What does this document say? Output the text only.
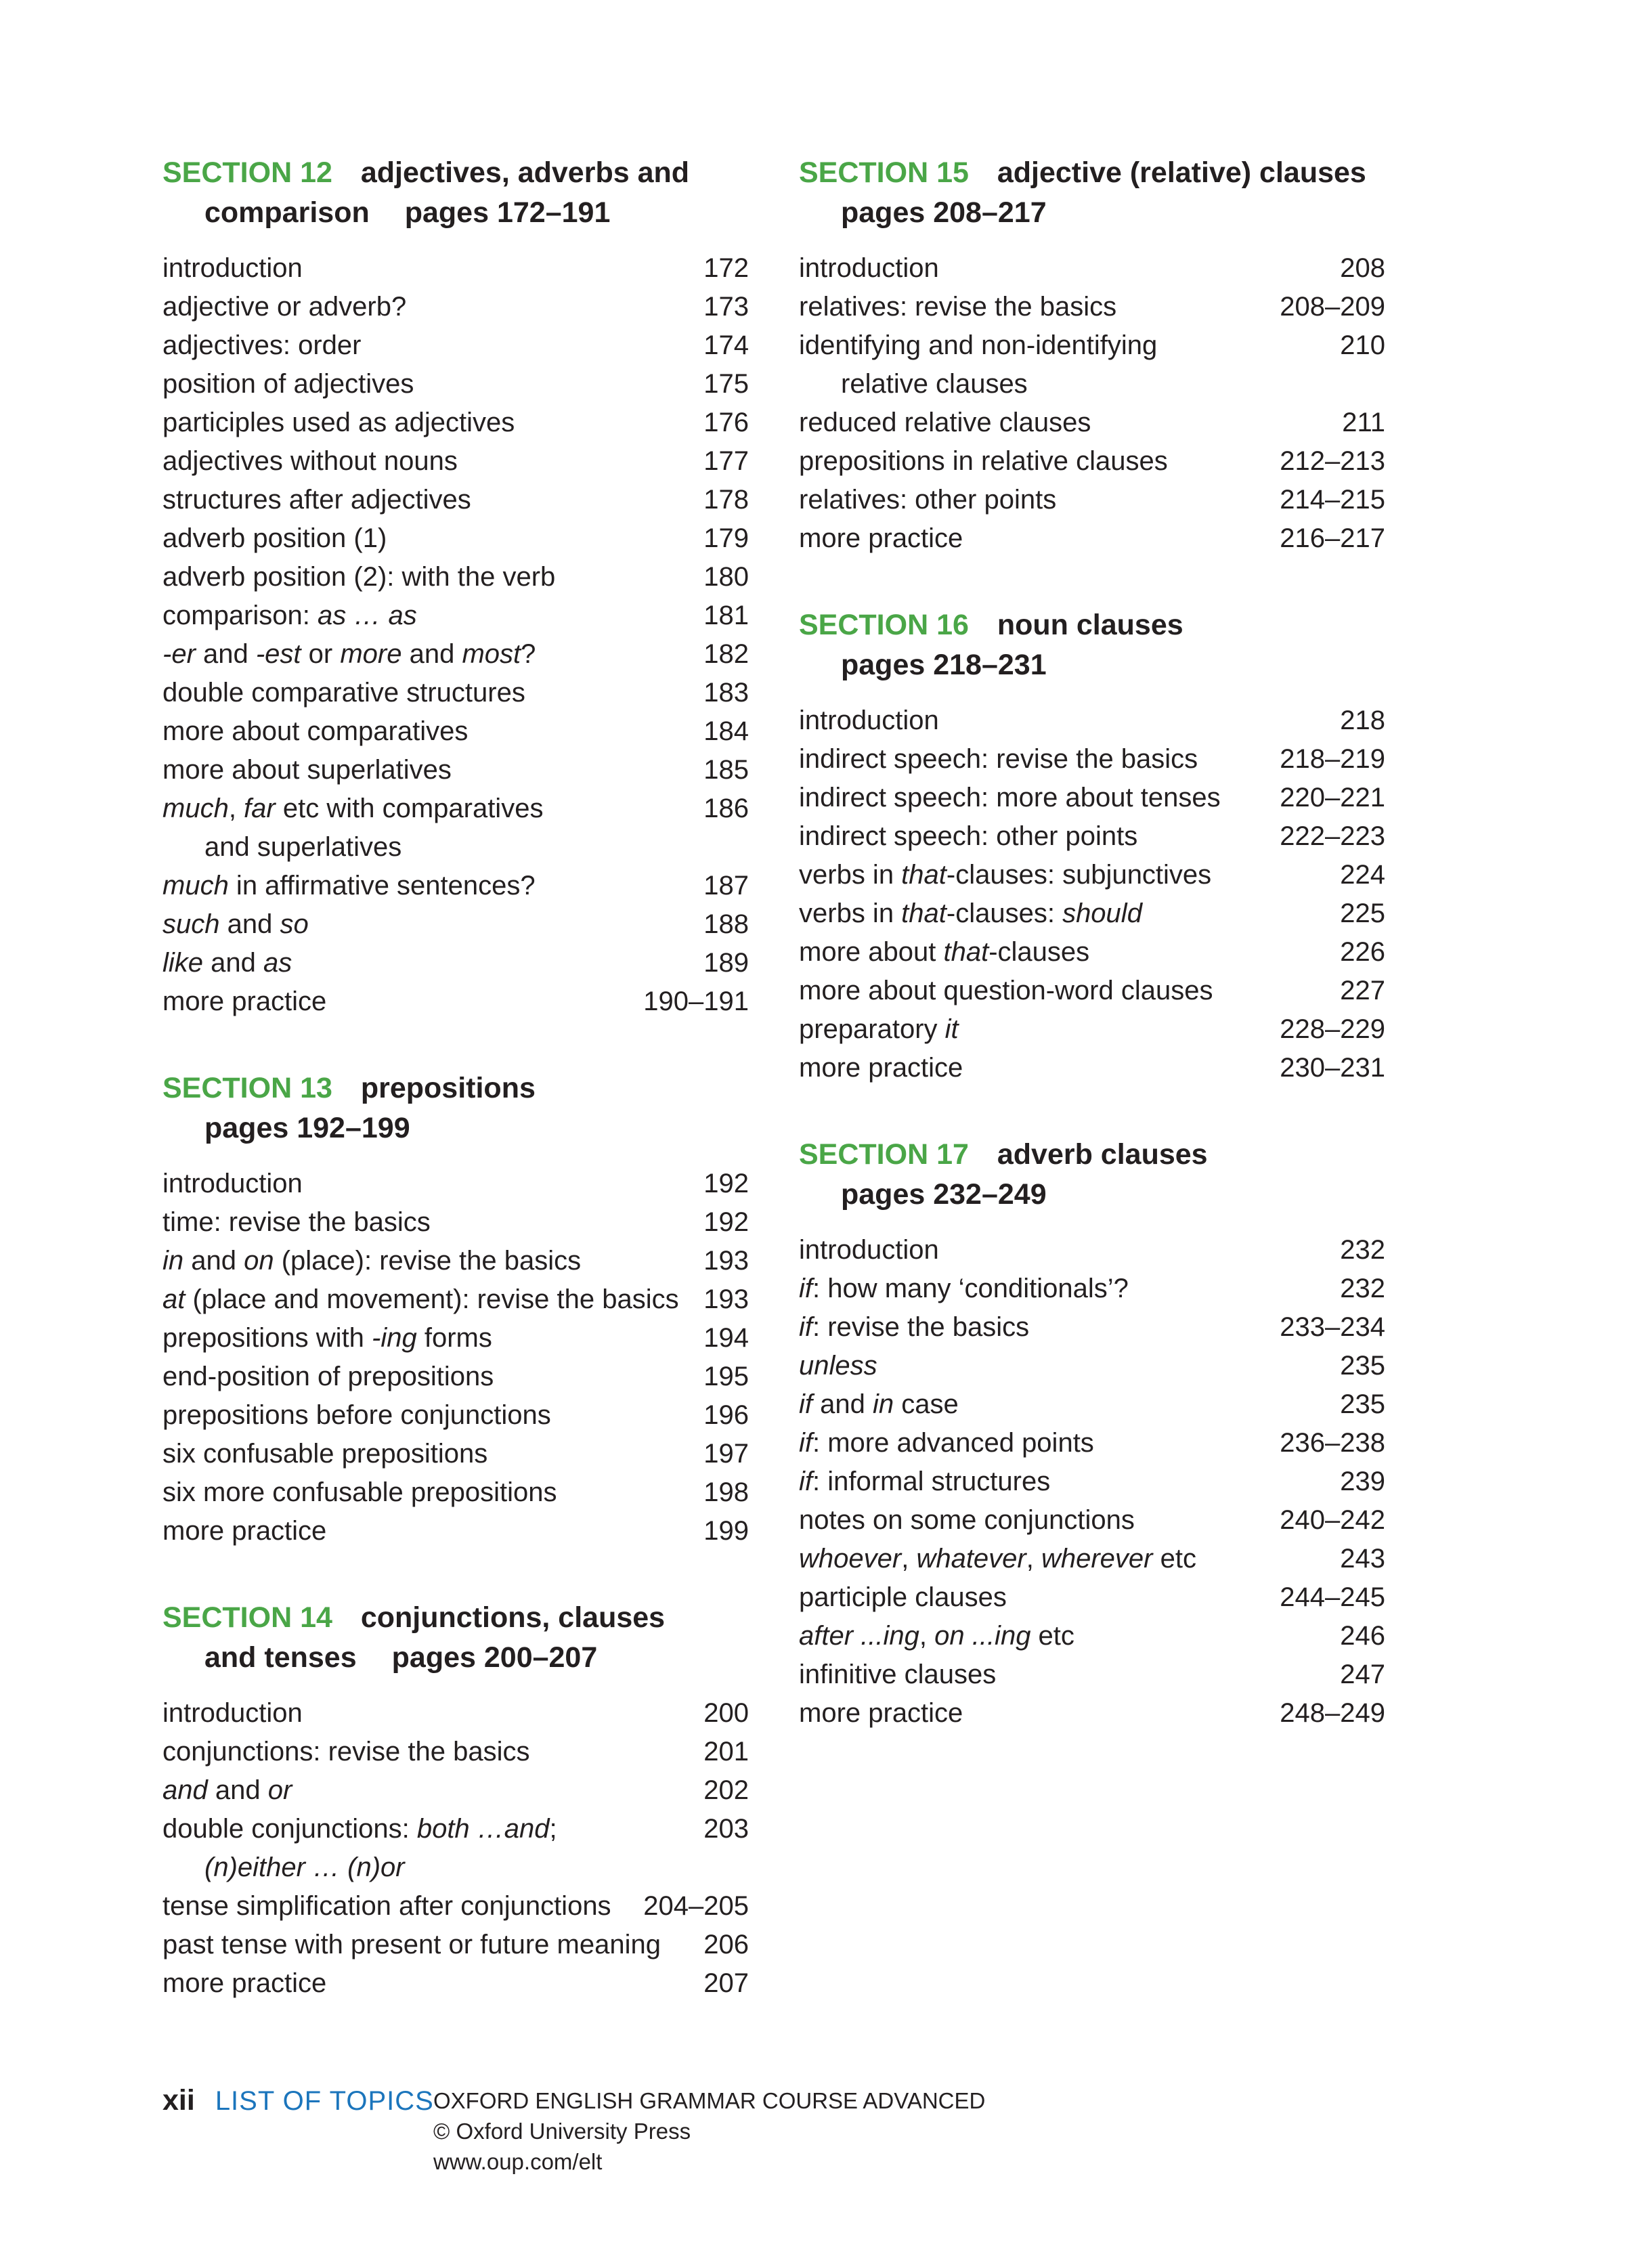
SECTION 12 adjectives, adverbs and
comparison pages 172–191
introduction	172
adjective or adverb?	173
adjectives: order	174
position of adjectives	175
participles used as adjectives	176
adjectives without nouns	177
structures after adjectives	178
adverb position (1)	179
adverb position (2): with the verb	180
comparison: as … as	181
-er and -est or more and most?	182
double comparative structures	183
more about comparatives	184
more about superlatives	185
much, far etc with comparatives	186
and superlatives
much in affirmative sentences?	187
such and so	188
like and as	189
more practice	190–191
SECTION 13 prepositions
pages 192–199
introduction	192
time: revise the basics	192
in and on (place): revise the basics	193
at (place and movement): revise the basics 193
prepositions with -ing forms	194
end-position of prepositions	195
prepositions before conjunctions	196
six confusable prepositions	197
six more confusable prepositions	198
more practice	199
SECTION 14 conjunctions, clauses
and tenses pages 200–207
introduction	200
conjunctions: revise the basics	201
and and or	202
double conjunctions: both …and;	203
(n)either … (n)or
tense simplification after conjunctions	204–205
past tense with present or future meaning	206
more practice	207
SECTION 15 adjective (relative) clauses
pages 208–217
introduction	208
relatives: revise the basics	208–209
identifying and non-identifying	210
relative clauses
reduced relative clauses	211
prepositions in relative clauses	212–213
relatives: other points	214–215
more practice	216–217
SECTION 16 noun clauses
pages 218–231
introduction	218
indirect speech: revise the basics	218–219
indirect speech: more about tenses	220–221
indirect speech: other points	222–223
verbs in that-clauses: subjunctives	224
verbs in that-clauses: should	225
more about that-clauses	226
more about question-word clauses	227
preparatory it	228–229
more practice	230–231
SECTION 17 adverb clauses
pages 232–249
introduction	232
if: how many ‘conditionals’?	232
if: revise the basics	233–234
unless	235
if and in case	235
if: more advanced points	236–238
if: informal structures	239
notes on some conjunctions	240–242
whoever, whatever, wherever etc	243
participle clauses	244–245
after ...ing, on ...ing etc	246
infinitive clauses	247
more practice	248–249
xii LIST OF TOPICS OXFORD ENGLISH GRAMMAR COURSE ADVANCED
© Oxford University Press
www.oup.com/elt
